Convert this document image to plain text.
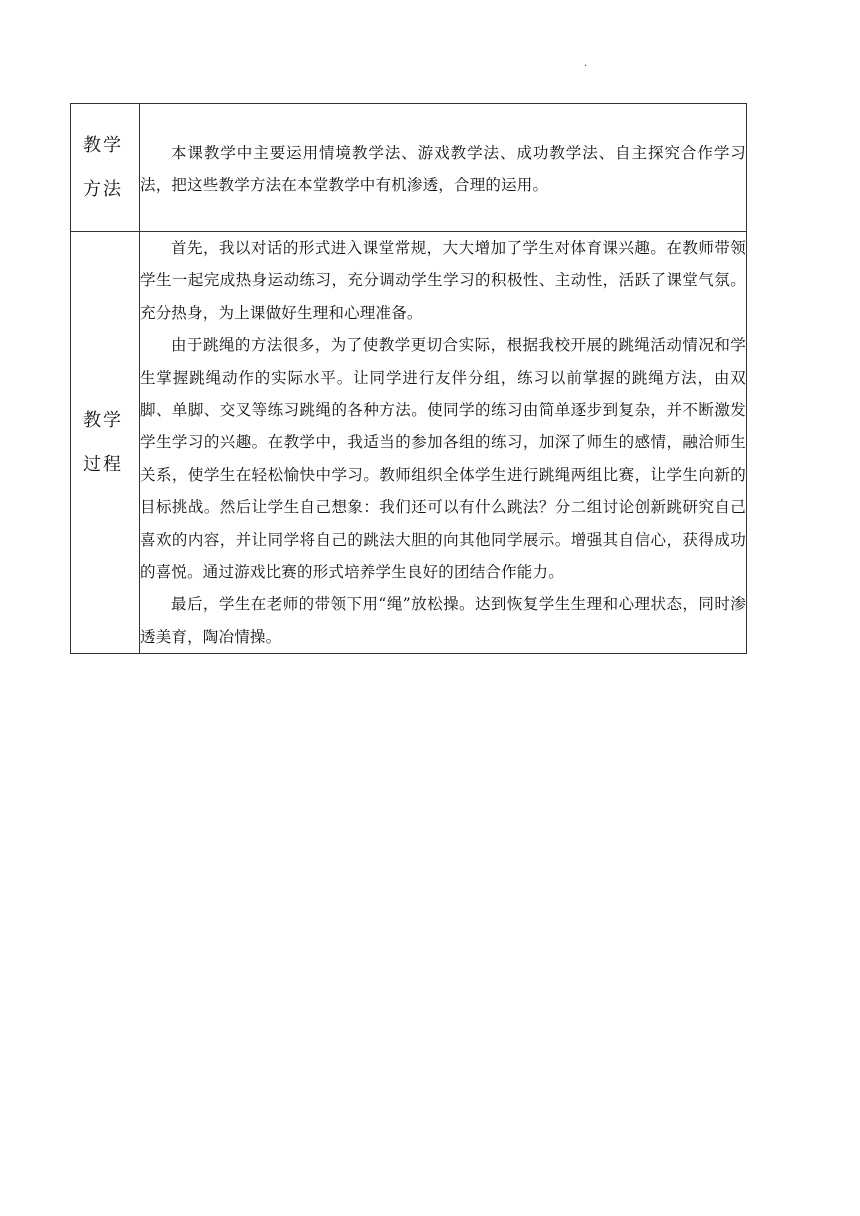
·
教学方法	本课教学中主要运用情境教学法、游戏教学法、成功教学法、自主探究合作学习法，把这些教学方法在本堂教学中有机渗透，合理的运用。

教学过程	首先，我以对话的形式进入课堂常规，大大增加了学生对体育课兴趣。在教师带领学生一起完成热身运动练习，充分调动学生学习的积极性、主动性，活跃了课堂气氛。充分热身，为上课做好生理和心理准备。

由于跳绳的方法很多，为了使教学更切合实际，根据我校开展的跳绳活动情况和学生掌握跳绳动作的实际水平。让同学进行友伴分组，练习以前掌握的跳绳方法，由双脚、单脚、交叉等练习跳绳的各种方法。使同学的练习由简单逐步到复杂，并不断激发学生学习的兴趣。在教学中，我适当的参加各组的练习，加深了师生的感情，融洽师生关系，使学生在轻松愉快中学习。教师组织全体学生进行跳绳两组比赛，让学生向新的目标挑战。然后让学生自己想象：我们还可以有什么跳法？分二组讨论创新跳研究自己喜欢的内容，并让同学将自己的跳法大胆的向其他同学展示。增强其自信心，获得成功的喜悦。通过游戏比赛的形式培养学生良好的团结合作能力。

最后，学生在老师的带领下用“绳”放松操。达到恢复学生生理和心理状态，同时渗透美育，陶冶情操。
